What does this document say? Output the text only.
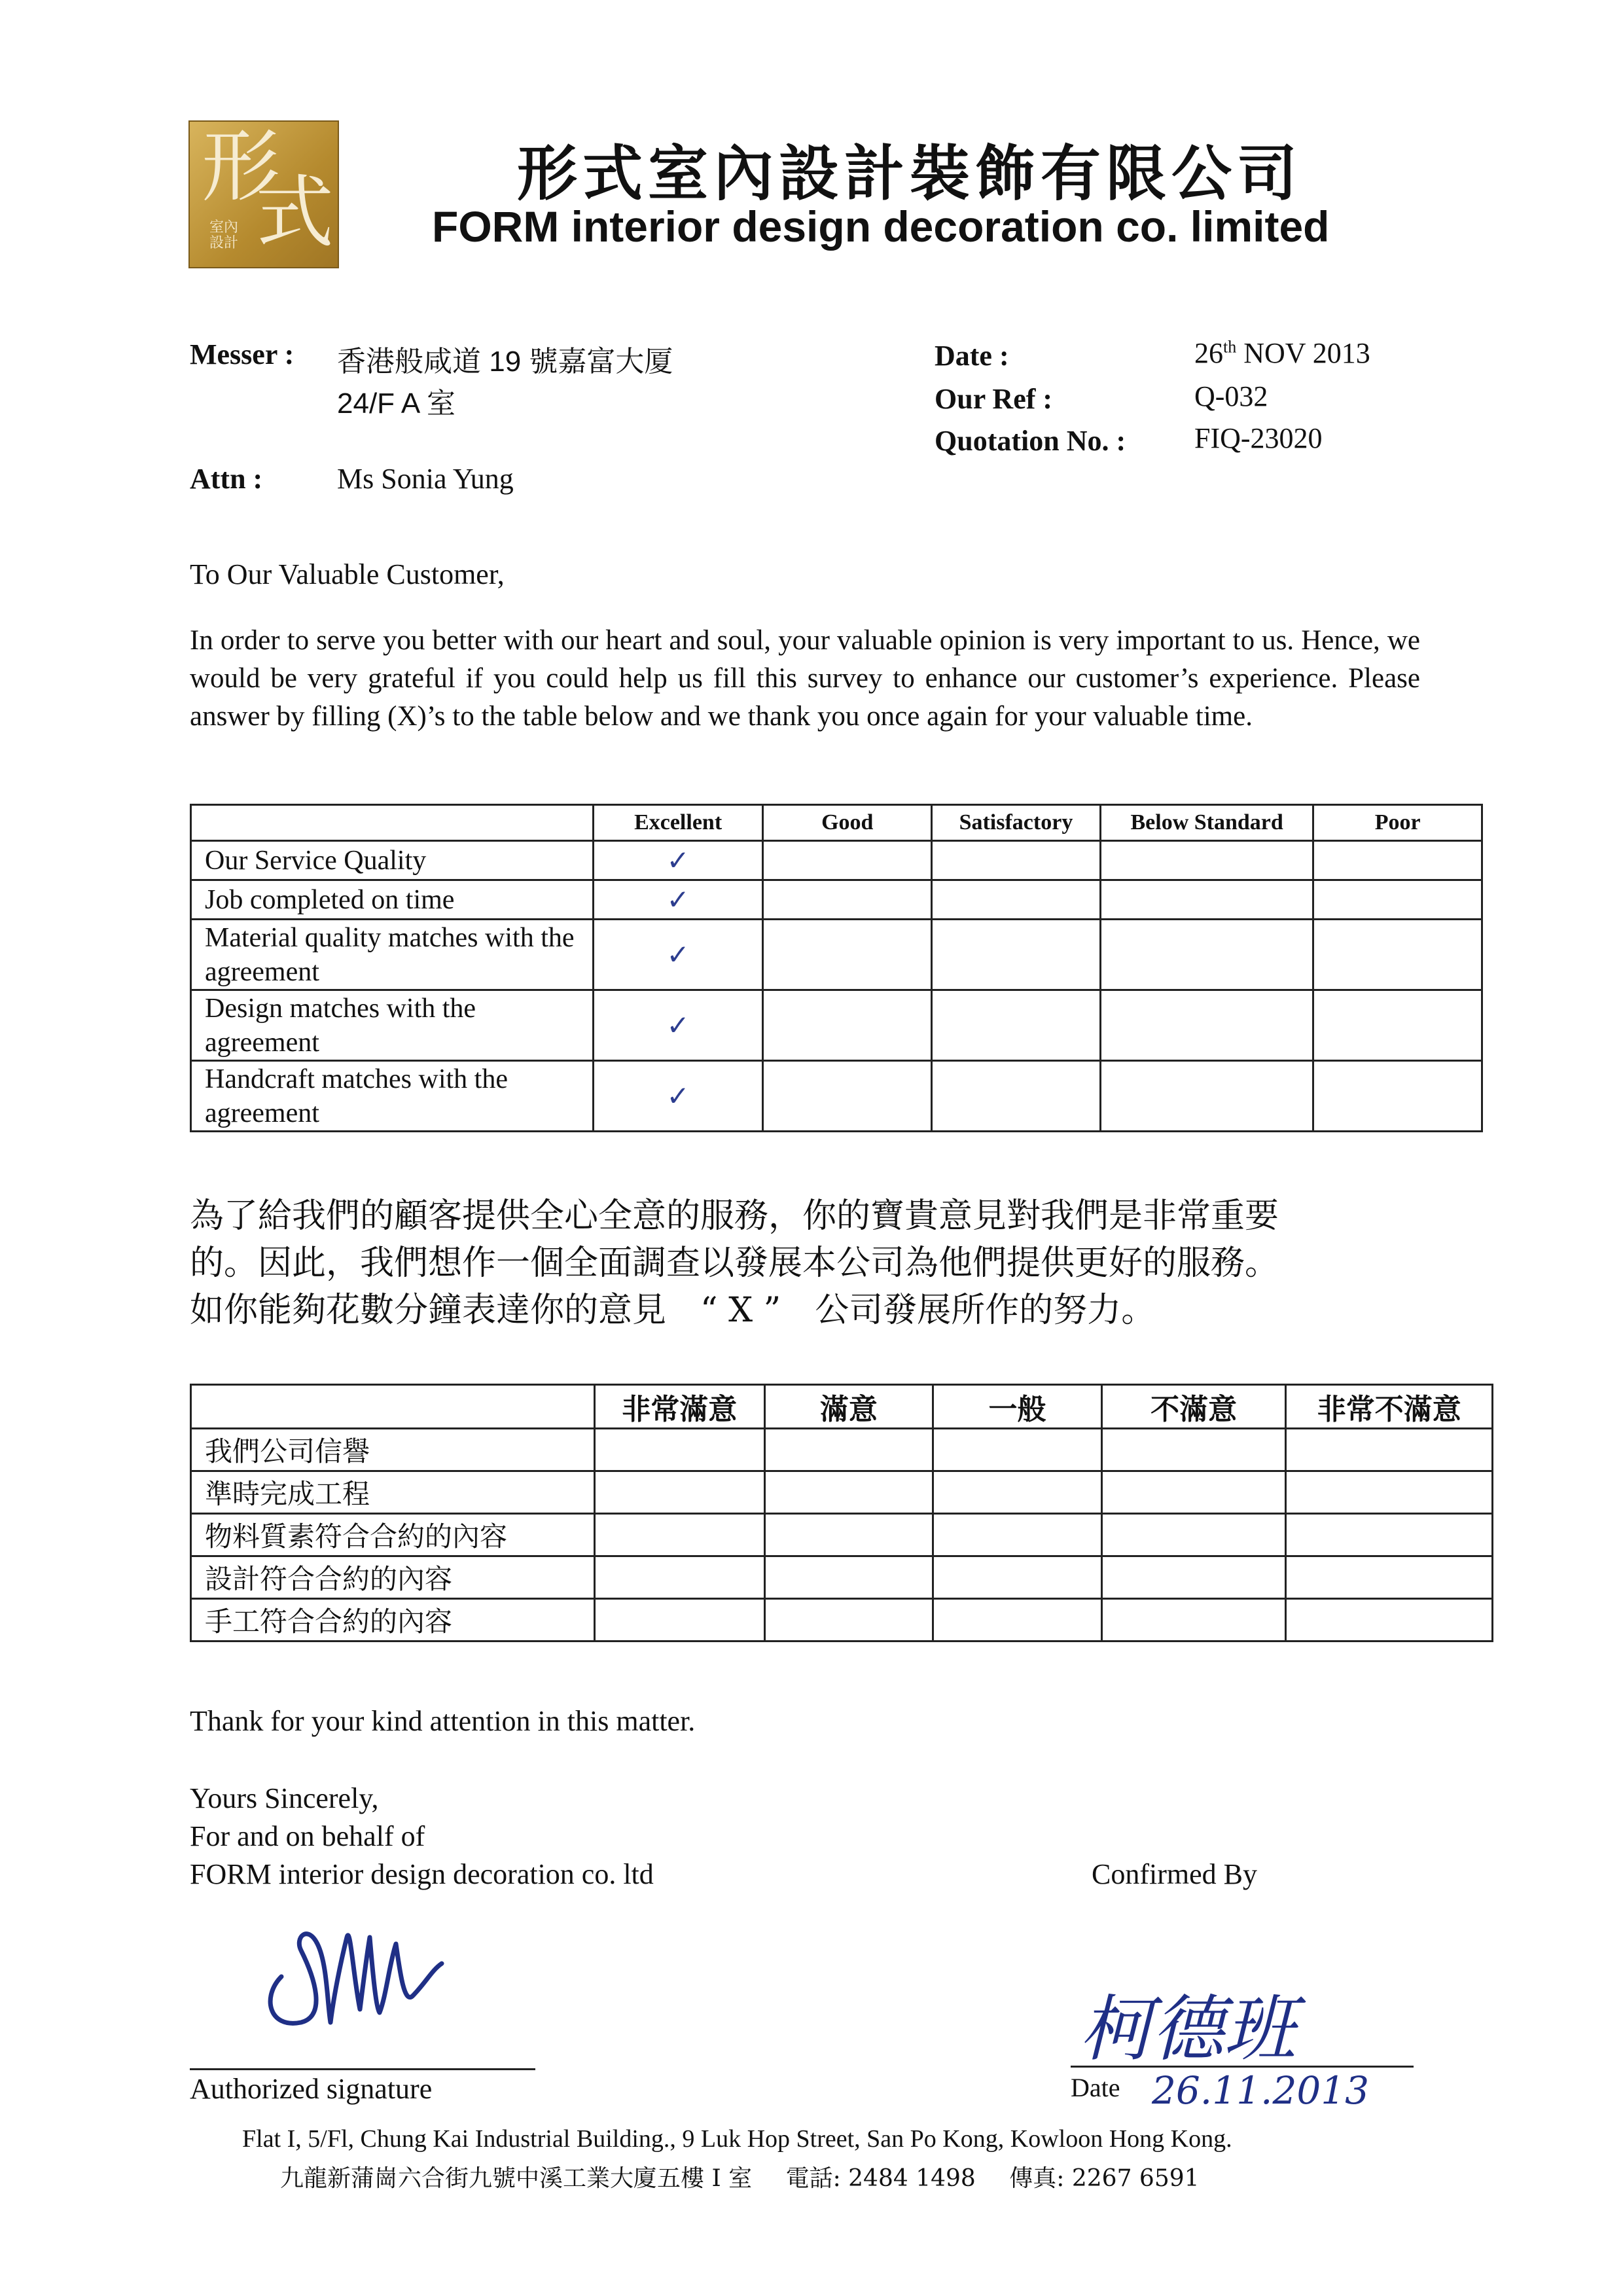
形
式
室內
設計
形式室內設計裝飾有限公司
FORM interior design decoration co. limited
Messer : 香港般咸道 19 號嘉富大厦
24/F A 室
Attn :	Ms Sonia Yung
Date :	26th NOV 2013
Our Ref :	Q-032
Quotation No. : FIQ-23020
To Our Valuable Customer,
In order to serve you better with our heart and soul, your valuable opinion is very important to us. Hence, we would be very grateful if you could help us fill this survey to enhance our customer’s experience. Please answer by filling (X)’s to the table below and we thank you once again for your valuable time.
	Excellent	Good	Satisfactory	Below Standard	Poor
Our Service Quality	✓				
Job completed on time	✓				
Material quality matches with the agreement	✓				
Design matches with the agreement	✓				
Handcraft matches with the agreement	✓				
為了給我們的顧客提供全心全意的服務，你的寶貴意見對我們是非常重要
的。因此，我們想作一個全面調查以發展本公司為他們提供更好的服務。
如你能夠花數分鐘表達你的意見　“ X ”　公司發展所作的努力。
	非常滿意	滿意	一般	不滿意	非常不滿意
我們公司信譽					
準時完成工程					
物料質素符合合約的內容					
設計符合合約的內容					
手工符合合約的內容					
Thank for your kind attention in this matter.
Yours Sincerely,
For and on behalf of
FORM interior design decoration co. ltd	Confirmed By
Authorized signature
柯德班
Date 26.11.2013
Flat I, 5/Fl, Chung Kai Industrial Building., 9 Luk Hop Street, San Po Kong, Kowloon Hong Kong.
九龍新蒲崗六合街九號中溪工業大廈五樓 I 室 電話: 2484 1498 傳真: 2267 6591
